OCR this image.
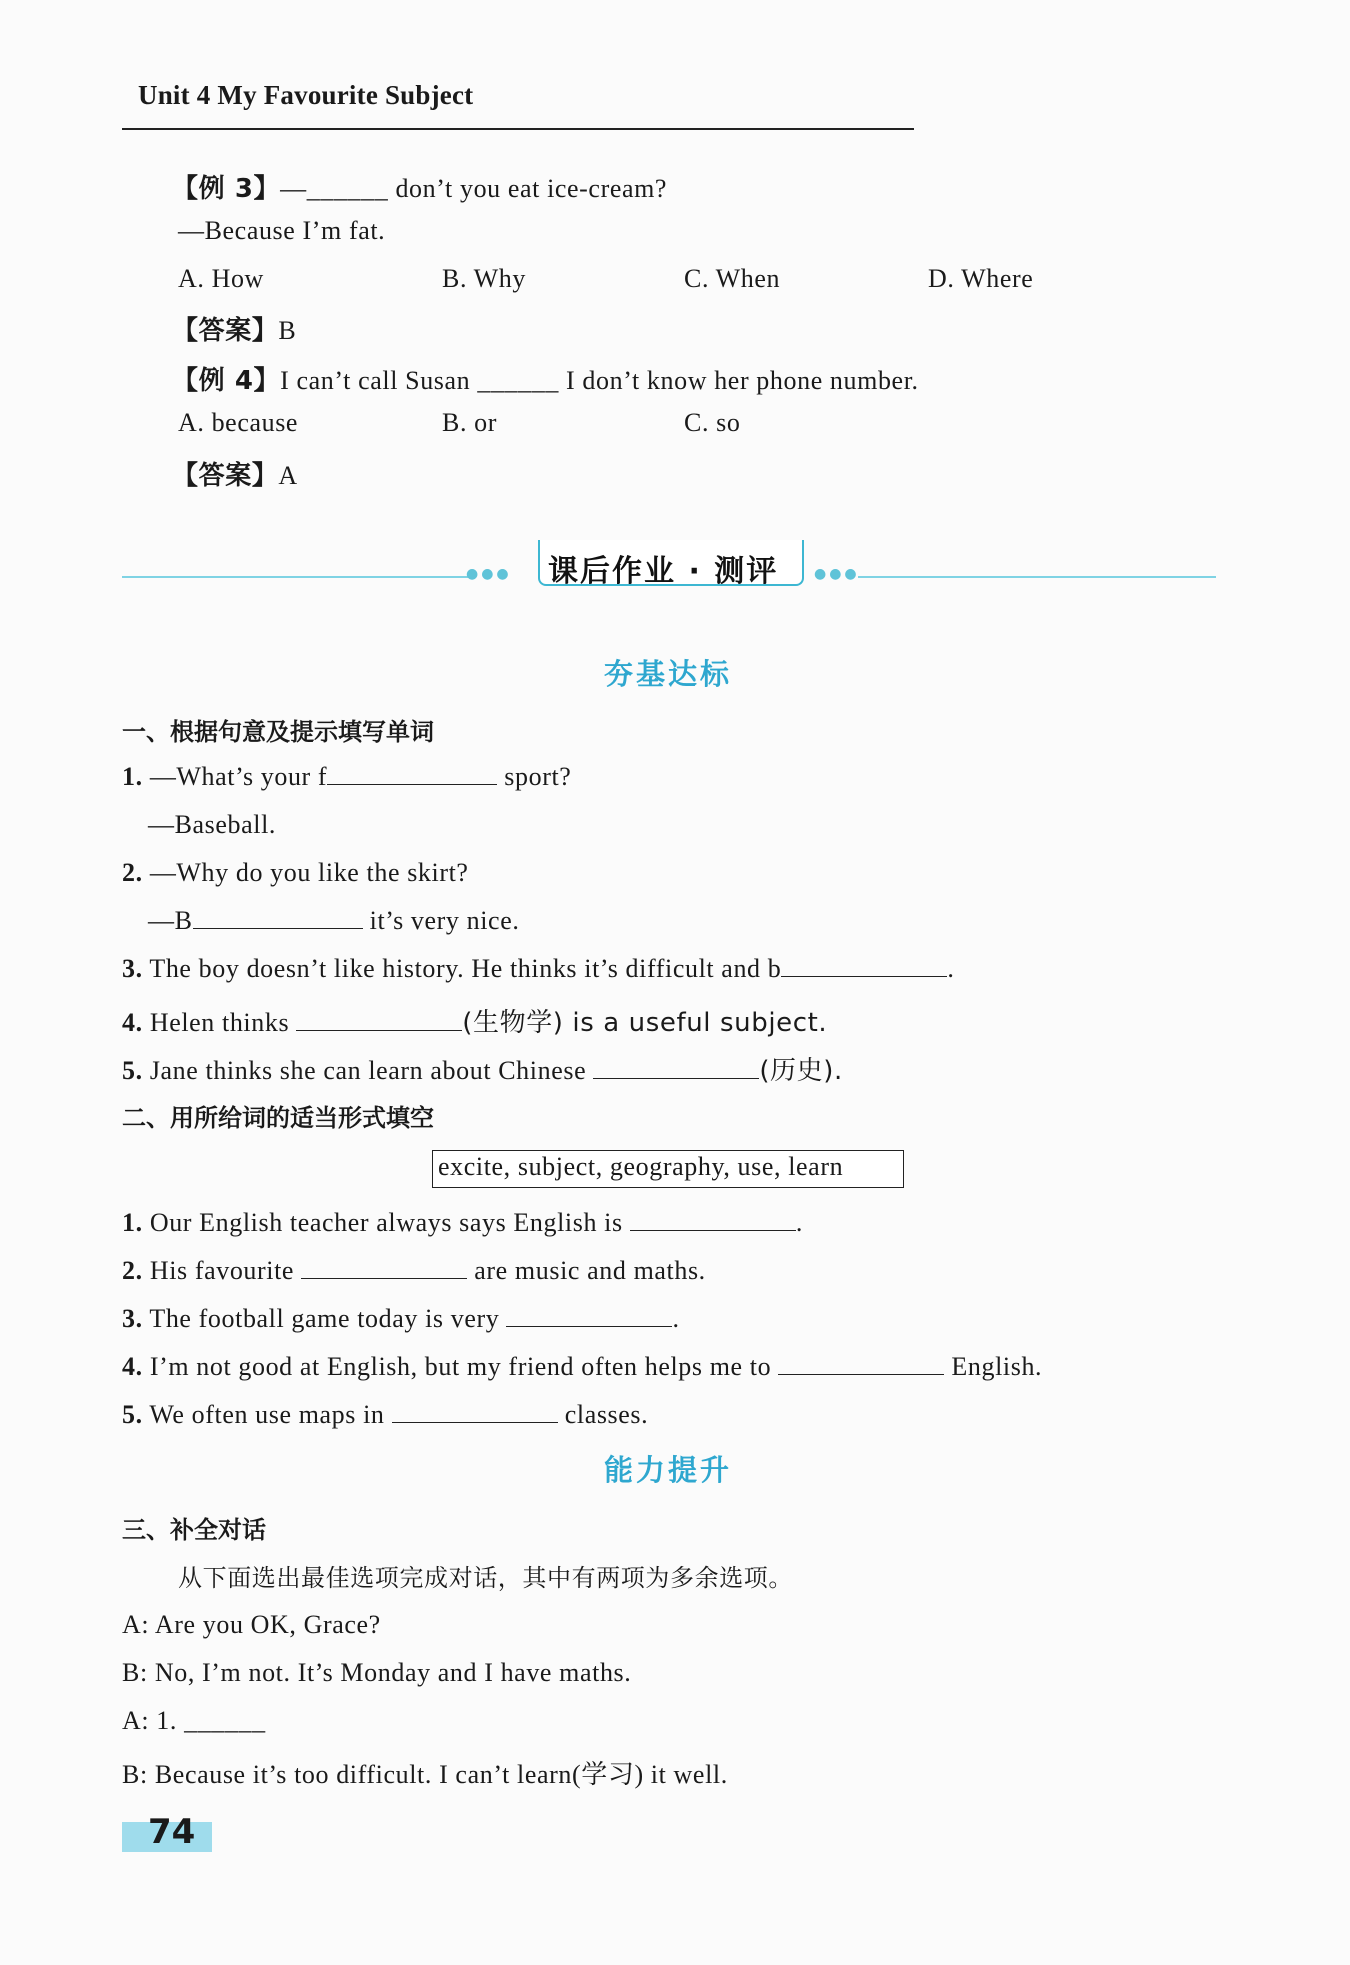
Unit 4 My Favourite Subject
【例 3】—______ don’t you eat ice-cream?
—Because I’m fat.
A. How	B. Why	C. When	D. Where
【答案】B
【例 4】I can’t call Susan ______ I don’t know her phone number.
A. because	B. or	C. so
【答案】A
●●●	●●●
课后作业 · 测评
夯基达标
一、根据句意及提示填写单词
1. —What’s your f	sport?
—Baseball.
2. —Why do you like the skirt?
—B	it’s very nice.
3. The boy doesn’t like history. He thinks it’s difficult and b	.
4. Helen thinks	(生物学) is a useful subject.
5. Jane thinks she can learn about Chinese	(历史).
二、用所给词的适当形式填空
excite, subject, geography, use, learn
1. Our English teacher always says English is	.
2. His favourite	are music and maths.
3. The football game today is very	.
4. I’m not good at English, but my friend often helps me to	English.
5. We often use maps in	classes.
能力提升
三、补全对话
从下面选出最佳选项完成对话，其中有两项为多余选项。
A: Are you OK, Grace?
B: No, I’m not. It’s Monday and I have maths.
A: 1. ______
B: Because it’s too difficult. I can’t learn(学习) it well.
74
